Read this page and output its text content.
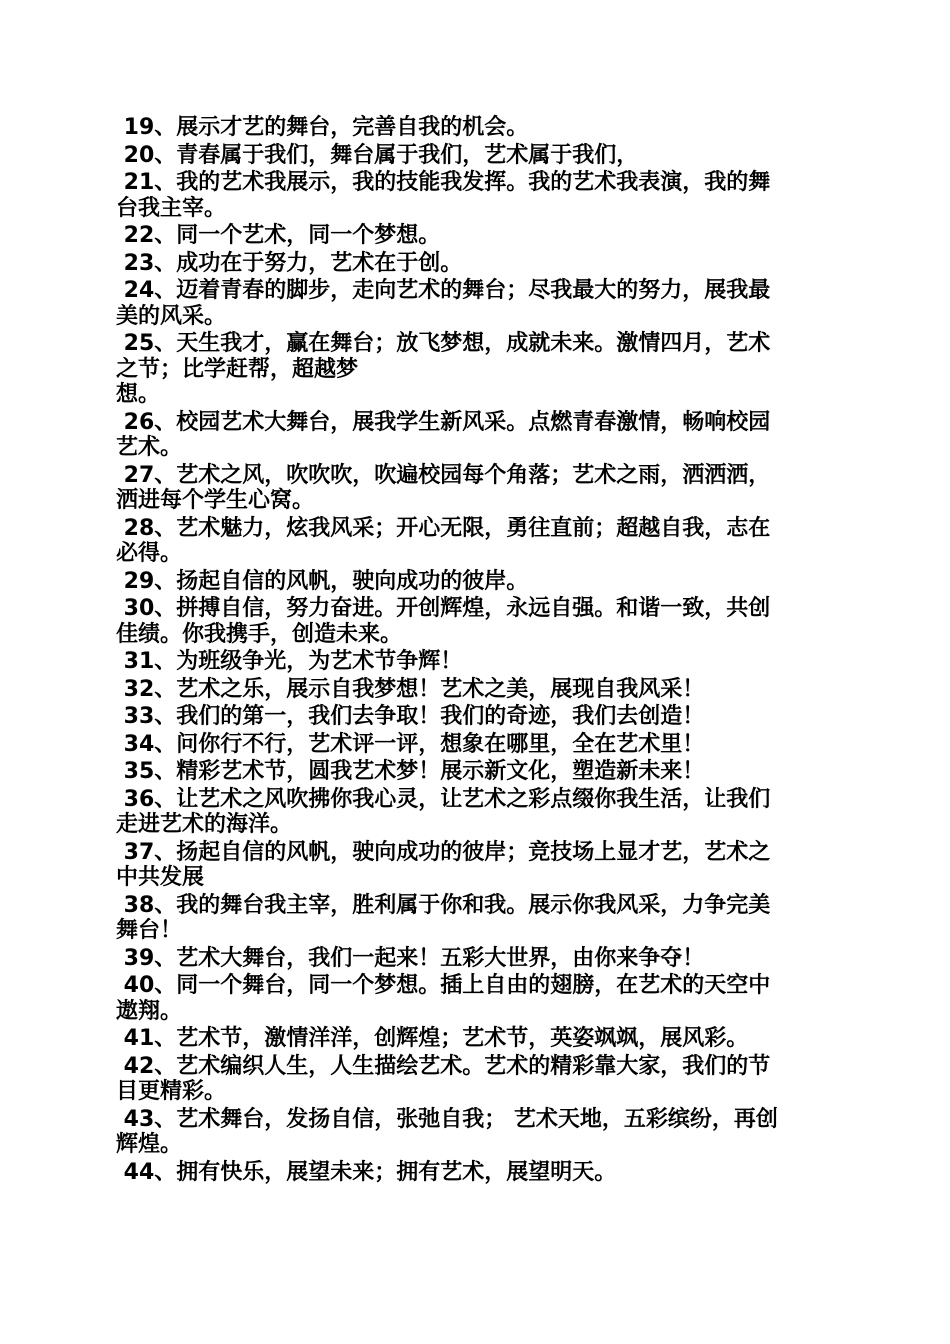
19、展示才艺的舞台，完善自我的机会。
20、青春属于我们，舞台属于我们，艺术属于我们，
21、我的艺术我展示，我的技能我发挥。我的艺术我表演，我的舞
台我主宰。
22、同一个艺术，同一个梦想。
23、成功在于努力，艺术在于创。
24、迈着青春的脚步，走向艺术的舞台；尽我最大的努力，展我最
美的风采。
25、天生我才，赢在舞台；放飞梦想，成就未来。激情四月，艺术
之节；比学赶帮，超越梦
想。
26、校园艺术大舞台，展我学生新风采。点燃青春激情，畅响校园
艺术。
27、艺术之风，吹吹吹，吹遍校园每个角落；艺术之雨，洒洒洒，
洒进每个学生心窝。
28、艺术魅力，炫我风采；开心无限，勇往直前；超越自我，志在
必得。
29、扬起自信的风帆，驶向成功的彼岸。
30、拼搏自信，努力奋进。开创辉煌，永远自强。和谐一致，共创
佳绩。你我携手，创造未来。
31、为班级争光，为艺术节争辉！
32、艺术之乐，展示自我梦想！艺术之美，展现自我风采！
33、我们的第一，我们去争取！我们的奇迹，我们去创造！
34、问你行不行，艺术评一评，想象在哪里，全在艺术里！
35、精彩艺术节，圆我艺术梦！展示新文化，塑造新未来！
36、让艺术之风吹拂你我心灵，让艺术之彩点缀你我生活，让我们
走进艺术的海洋。
37、扬起自信的风帆，驶向成功的彼岸；竞技场上显才艺，艺术之
中共发展
38、我的舞台我主宰，胜利属于你和我。展示你我风采，力争完美
舞台！
39、艺术大舞台，我们一起来！五彩大世界，由你来争夺！
40、同一个舞台，同一个梦想。插上自由的翅膀，在艺术的天空中
遨翔。
41、艺术节，激情洋洋，创辉煌；艺术节，英姿飒飒，展风彩。
42、艺术编织人生，人生描绘艺术。艺术的精彩靠大家，我们的节
目更精彩。
43、艺术舞台，发扬自信，张弛自我； 艺术天地，五彩缤纷，再创
辉煌。
44、拥有快乐，展望未来；拥有艺术，展望明天。
